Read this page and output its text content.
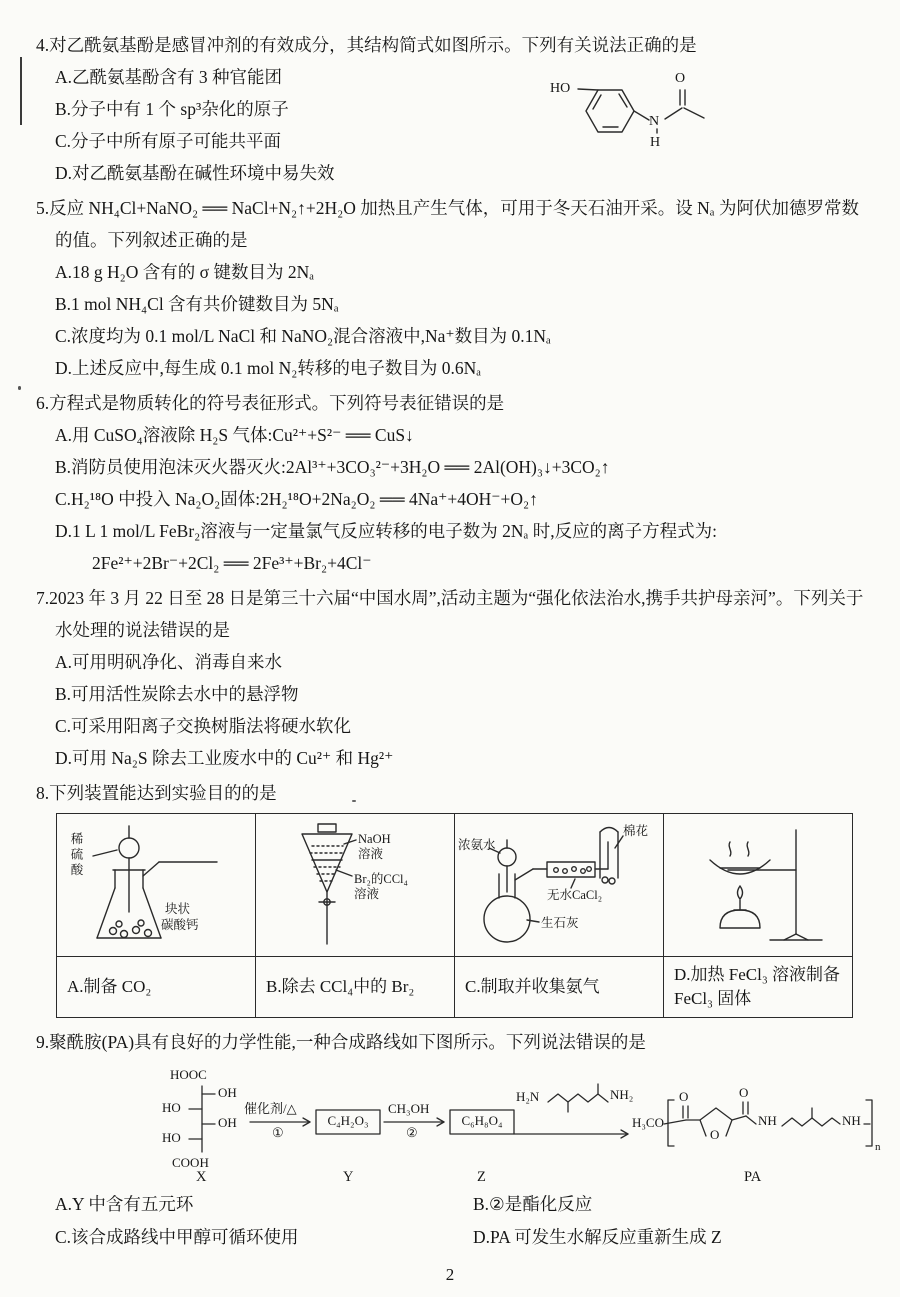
4.对乙酰氨基酚是感冒冲剂的有效成分，其结构简式如图所示。下列有关说法正确的是
HO
N
H
O
A.乙酰氨基酚含有 3 种官能团
B.分子中有 1 个 sp³杂化的原子
C.分子中所有原子可能共平面
D.对乙酰氨基酚在碱性环境中易失效
5.反应 NH₄Cl+NaNO₂ ══ NaCl+N₂↑+2H₂O 加热且产生气体，可用于冬天石油开采。设 Nₐ 为阿伏加德罗常数的值。下列叙述正确的是
A.18 g H₂O 含有的 σ 键数目为 2Nₐ
B.1 mol NH₄Cl 含有共价键数目为 5Nₐ
C.浓度均为 0.1 mol/L NaCl 和 NaNO₂混合溶液中,Na⁺数目为 0.1Nₐ
D.上述反应中,每生成 0.1 mol N₂转移的电子数目为 0.6Nₐ
6.方程式是物质转化的符号表征形式。下列符号表征错误的是
A.用 CuSO₄溶液除 H₂S 气体:Cu²⁺+S²⁻ ══ CuS↓
B.消防员使用泡沫灭火器灭火:2Al³⁺+3CO₃²⁻+3H₂O ══ 2Al(OH)₃↓+3CO₂↑
C.H₂¹⁸O 中投入 Na₂O₂固体:2H₂¹⁸O+2Na₂O₂ ══ 4Na⁺+4OH⁻+O₂↑
D.1 L 1 mol/L FeBr₂溶液与一定量氯气反应转移的电子数为 2Nₐ 时,反应的离子方程式为:
2Fe²⁺+2Br⁻+2Cl₂ ══ 2Fe³⁺+Br₂+4Cl⁻
7.2023 年 3 月 22 日至 28 日是第三十六届“中国水周”,活动主题为“强化依法治水,携手共护母亲河”。下列关于水处理的说法错误的是
A.可用明矾净化、消毒自来水
B.可用活性炭除去水中的悬浮物
C.可采用阳离子交换树脂法将硬水软化
D.可用 Na₂S 除去工业废水中的 Cu²⁺ 和 Hg²⁺
8.下列装置能达到实验目的的是
稀硫酸
块状
碳酸钙	NaOH
溶液
Br₂的CCl₄
溶液	浓氨水
棉花
无水CaCl₂
生石灰

A.制备 CO₂	B.除去 CCl₄中的 Br₂	C.制取并收集氨气	D.加热 FeCl₃ 溶液制备 FeCl₃ 固体
9.聚酰胺(PA)具有良好的力学性能,一种合成路线如下图所示。下列说法错误的是
HOOC
OH
HO
OH
HO
COOH
X
催化剂/△
①
C₄H₂O₃
Y
CH₃OH
②
C₆H₈O₄
Z
H₂N	NH₂
H₃CO
O
O
O
NH	NH
n
PA
A.Y 中含有五元环	B.②是酯化反应
C.该合成路线中甲醇可循环使用	D.PA 可发生水解反应重新生成 Z
2
